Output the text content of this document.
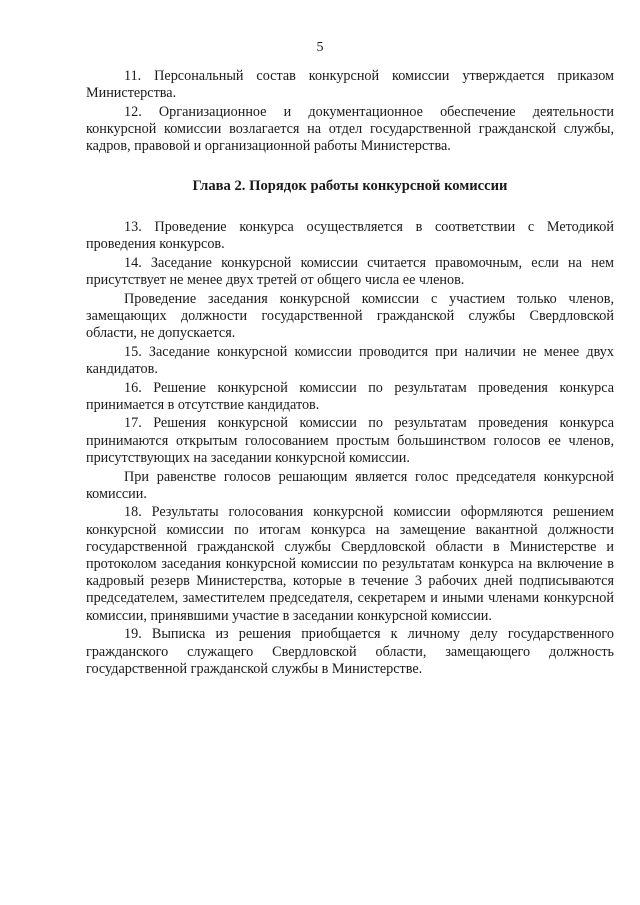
5

11. Персональный состав конкурсной комиссии утверждается приказом Министерства.

12. Организационное и документационное обеспечение деятельности конкурсной комиссии возлагается на отдел государственной гражданской службы, кадров, правовой и организационной работы Министерства.

Глава 2. Порядок работы конкурсной комиссии

13. Проведение конкурса осуществляется в соответствии с Методикой проведения конкурсов.

14. Заседание конкурсной комиссии считается правомочным, если на нем присутствует не менее двух третей от общего числа ее членов.

Проведение заседания конкурсной комиссии с участием только членов, замещающих должности государственной гражданской службы Свердловской области, не допускается.

15. Заседание конкурсной комиссии проводится при наличии не менее двух кандидатов.

16. Решение конкурсной комиссии по результатам проведения конкурса принимается в отсутствие кандидатов.

17. Решения конкурсной комиссии по результатам проведения конкурса принимаются открытым голосованием простым большинством голосов ее членов, присутствующих на заседании конкурсной комиссии.

При равенстве голосов решающим является голос председателя конкурсной комиссии.

18. Результаты голосования конкурсной комиссии оформляются решением конкурсной комиссии по итогам конкурса на замещение вакантной должности государственной гражданской службы Свердловской области в Министерстве и протоколом заседания конкурсной комиссии по результатам конкурса на включение в кадровый резерв Министерства, которые в течение 3 рабочих дней подписываются председателем, заместителем председателя, секретарем и иными членами конкурсной комиссии, принявшими участие в заседании конкурсной комиссии.

19. Выписка из решения приобщается к личному делу государственного гражданского служащего Свердловской области, замещающего должность государственной гражданской службы в Министерстве.
